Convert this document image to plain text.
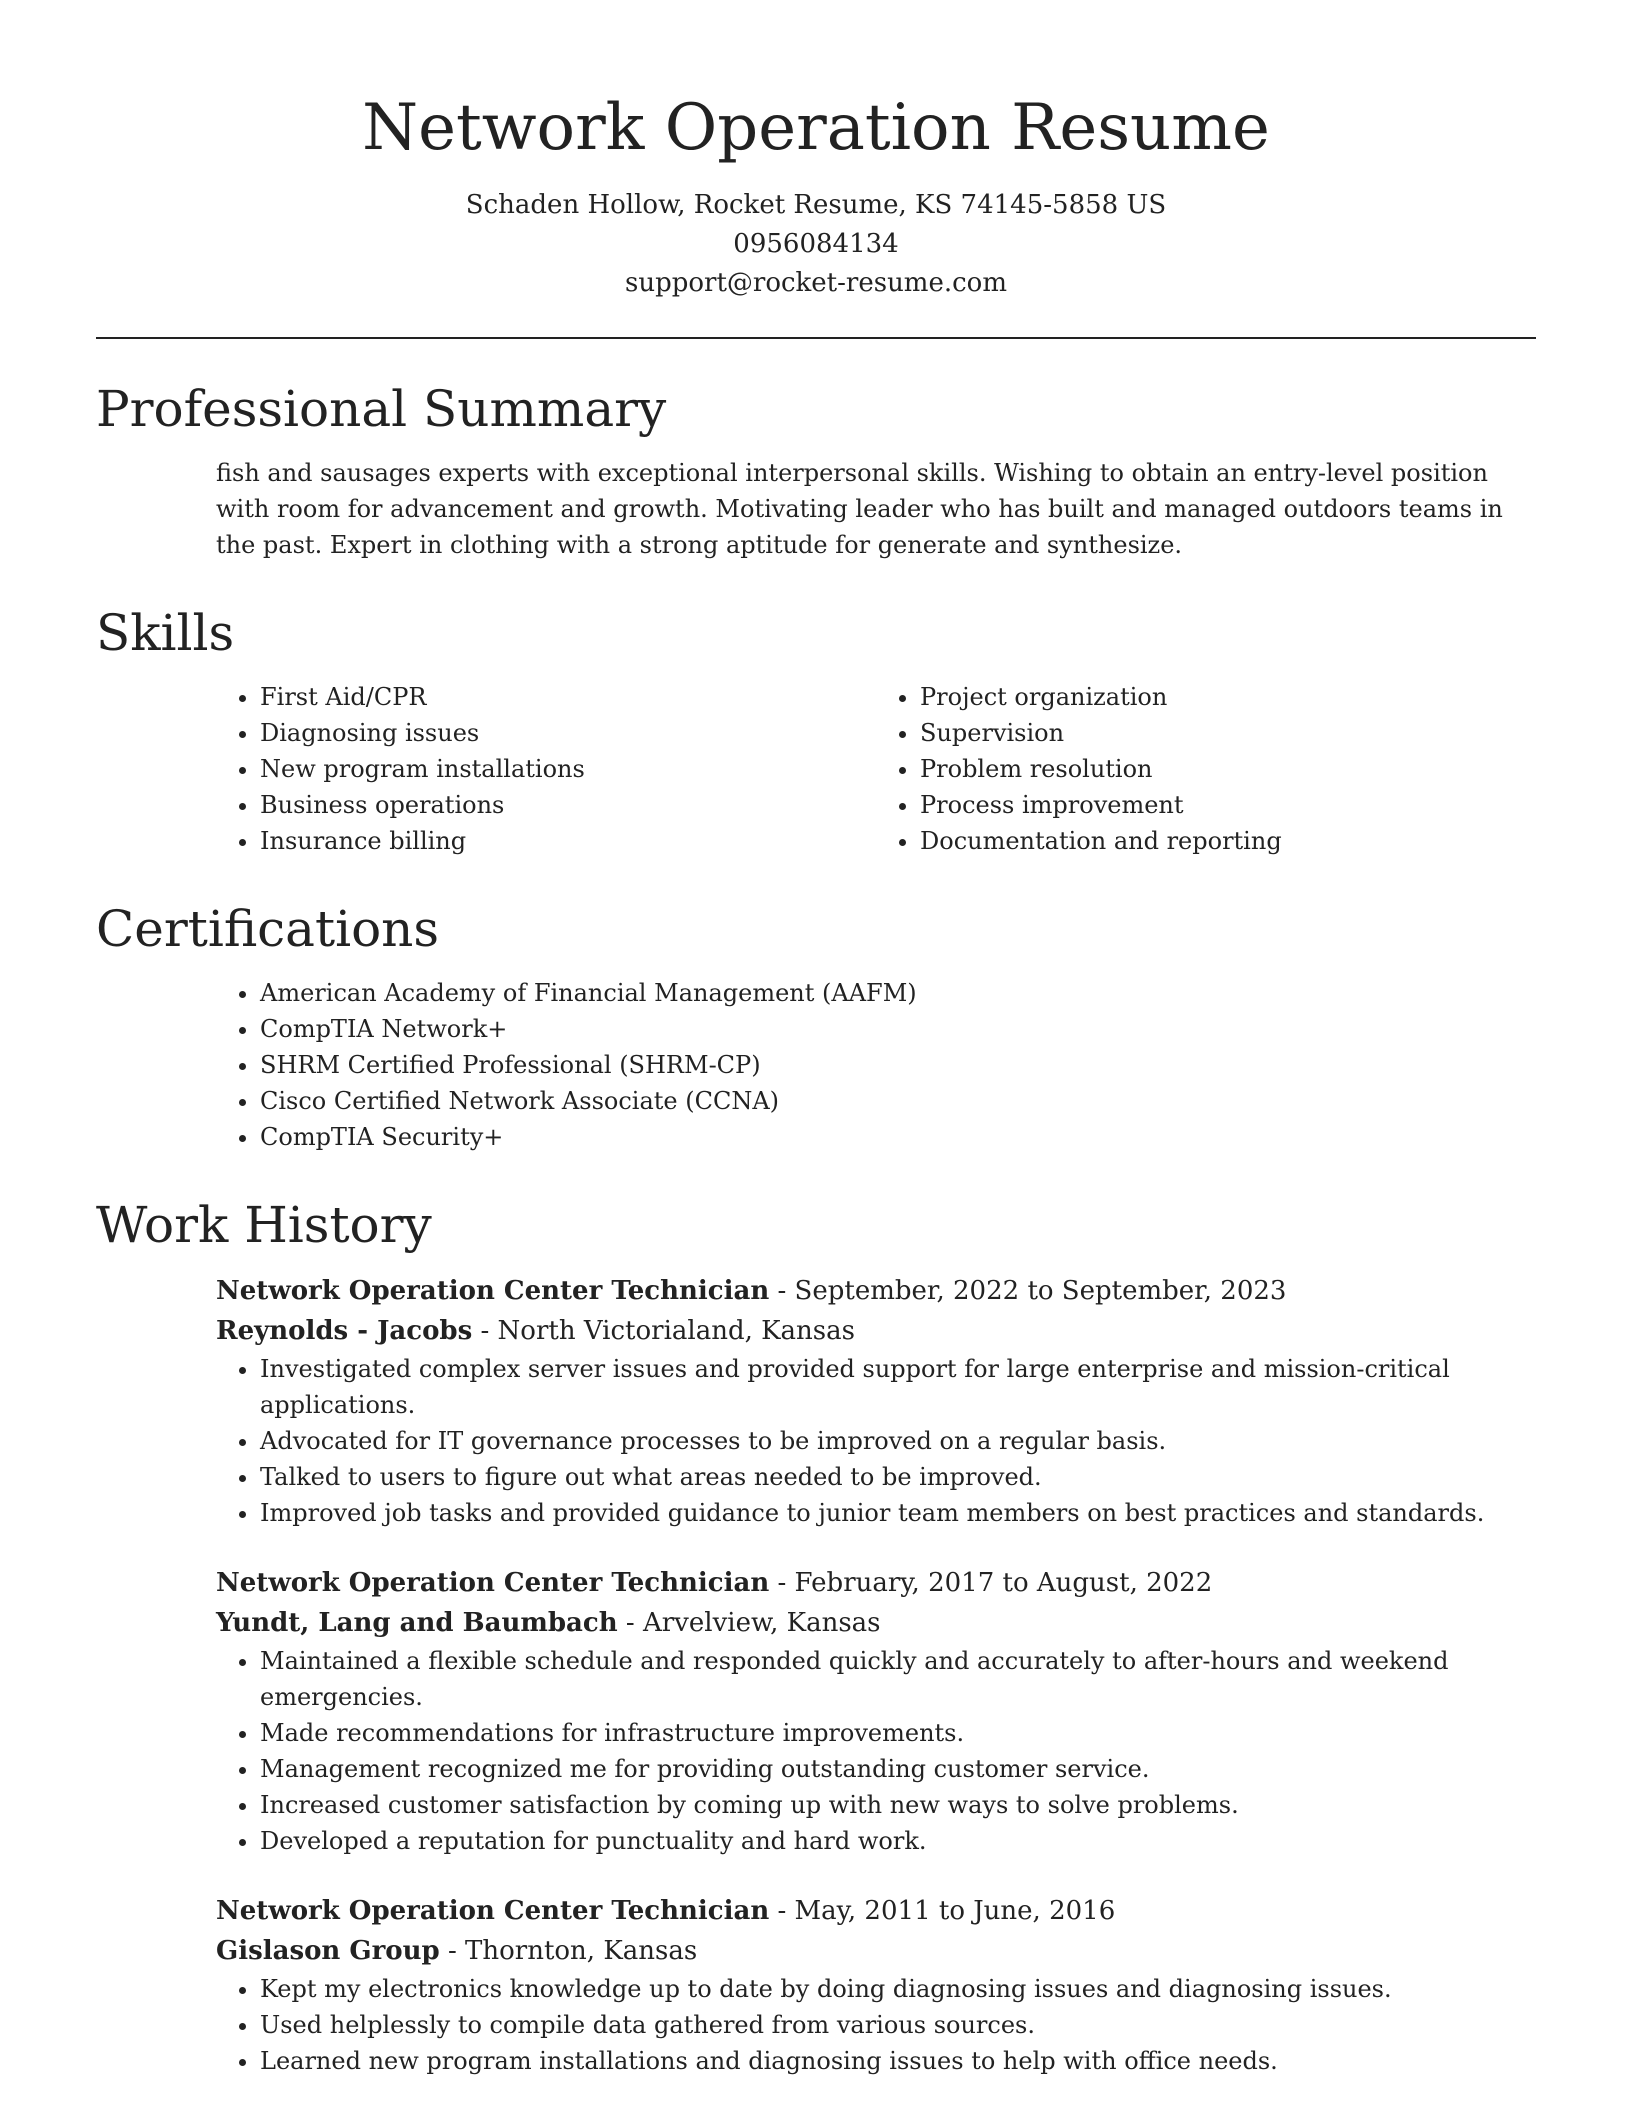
Network Operation Resume
Schaden Hollow, Rocket Resume, KS 74145-5858 US
0956084134
support@rocket-resume.com
Professional Summary

fish and sausages experts with exceptional interpersonal skills. Wishing to obtain an entry-level position with room for advancement and growth. Motivating leader who has built and managed outdoors teams in the past. Expert in clothing with a strong aptitude for generate and synthesize.

Skills
• First Aid/CPR
• Diagnosing issues
• New program installations
• Business operations
• Insurance billing
• Project organization
• Supervision
• Problem resolution
• Process improvement
• Documentation and reporting
Certifications
• American Academy of Financial Management (AAFM)
• CompTIA Network+
• SHRM Certified Professional (SHRM-CP)
• Cisco Certified Network Associate (CCNA)
• CompTIA Security+
Work History
Network Operation Center Technician - September, 2022 to September, 2023
Reynolds - Jacobs - North Victorialand, Kansas
• Investigated complex server issues and provided support for large enterprise and mission-critical applications.
• Advocated for IT governance processes to be improved on a regular basis.
• Talked to users to figure out what areas needed to be improved.
• Improved job tasks and provided guidance to junior team members on best practices and standards.
Network Operation Center Technician - February, 2017 to August, 2022
Yundt, Lang and Baumbach - Arvelview, Kansas
• Maintained a flexible schedule and responded quickly and accurately to after-hours and weekend emergencies.
• Made recommendations for infrastructure improvements.
• Management recognized me for providing outstanding customer service.
• Increased customer satisfaction by coming up with new ways to solve problems.
• Developed a reputation for punctuality and hard work.
Network Operation Center Technician - May, 2011 to June, 2016
Gislason Group - Thornton, Kansas
• Kept my electronics knowledge up to date by doing diagnosing issues and diagnosing issues.
• Used helplessly to compile data gathered from various sources.
• Learned new program installations and diagnosing issues to help with office needs.
